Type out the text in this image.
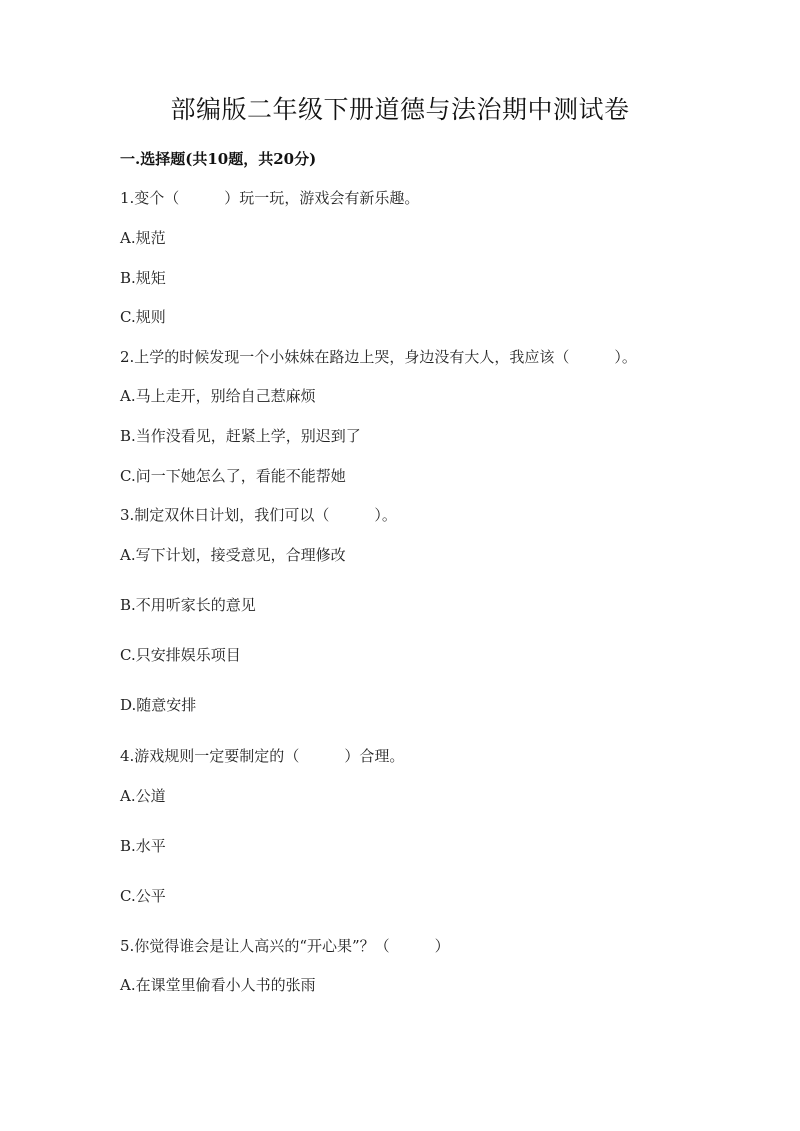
部编版二年级下册道德与法治期中测试卷
一.选择题(共10题，共20分)
1.变个（　　　）玩一玩，游戏会有新乐趣。
A.规范
B.规矩
C.规则
2.上学的时候发现一个小妹妹在路边上哭，身边没有大人，我应该（　　　）。
A.马上走开，别给自己惹麻烦
B.当作没看见，赶紧上学，别迟到了
C.问一下她怎么了，看能不能帮她
3.制定双休日计划，我们可以（　　　）。
A.写下计划，接受意见，合理修改
B.不用听家长的意见
C.只安排娱乐项目
D.随意安排
4.游戏规则一定要制定的（　　　）合理。
A.公道
B.水平
C.公平
5.你觉得谁会是让人高兴的“开心果”？（　　　）
A.在课堂里偷看小人书的张雨
